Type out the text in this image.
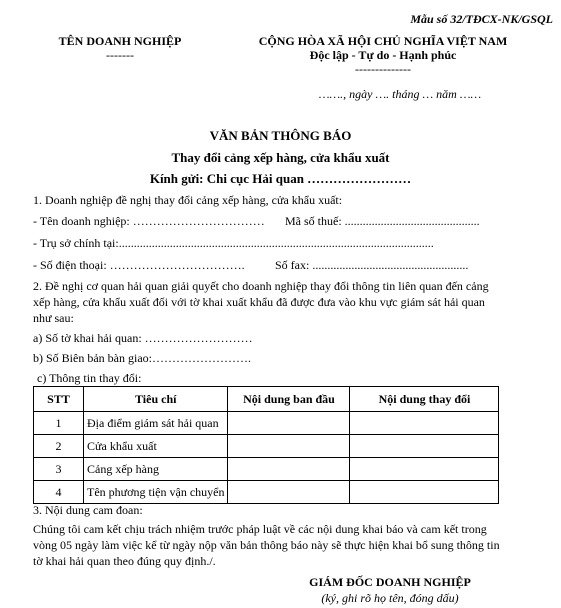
Mẫu số 32/TĐCX-NK/GSQL
TÊN DOANH NGHIỆP
-------
CỘNG HÒA XÃ HỘI CHỦ NGHĨA VIỆT NAM
Độc lập - Tự do - Hạnh phúc
--------------
……., ngày …. tháng … năm ……
VĂN BẢN THÔNG BÁO
Thay đổi cảng xếp hàng, cửa khẩu xuất
Kính gửi: Chi cục Hải quan ……………………
1. Doanh nghiệp đề nghị thay đổi cảng xếp hàng, cửa khẩu xuất:
- Tên doanh nghiệp: …………………………… Mã số thuế: .............................................
- Trụ sở chính tại:.........................................................................................................
- Số điện thoại: …………………………….	Số fax: ....................................................
2. Đề nghị cơ quan hải quan giải quyết cho doanh nghiệp thay đổi thông tin liên quan đến cảng
xếp hàng, cửa khẩu xuất đối với tờ khai xuất khẩu đã được đưa vào khu vực giám sát hải quan
như sau:
a) Số tờ khai hải quan: ………………………
b) Số Biên bản bàn giao:…………………….
c) Thông tin thay đổi:
STT	Tiêu chí	Nội dung ban đầu	Nội dung thay đổi
1	Địa điểm giám sát hải quan		
2	Cửa khẩu xuất		
3	Cảng xếp hàng		
4	Tên phương tiện vận chuyển		
3. Nội dung cam đoan:
Chúng tôi cam kết chịu trách nhiệm trước pháp luật về các nội dung khai báo và cam kết trong
vòng 05 ngày làm việc kể từ ngày nộp văn bản thông báo này sẽ thực hiện khai bổ sung thông tin
tờ khai hải quan theo đúng quy định./.
GIÁM ĐỐC DOANH NGHIỆP
(ký, ghi rõ họ tên, đóng dấu)
